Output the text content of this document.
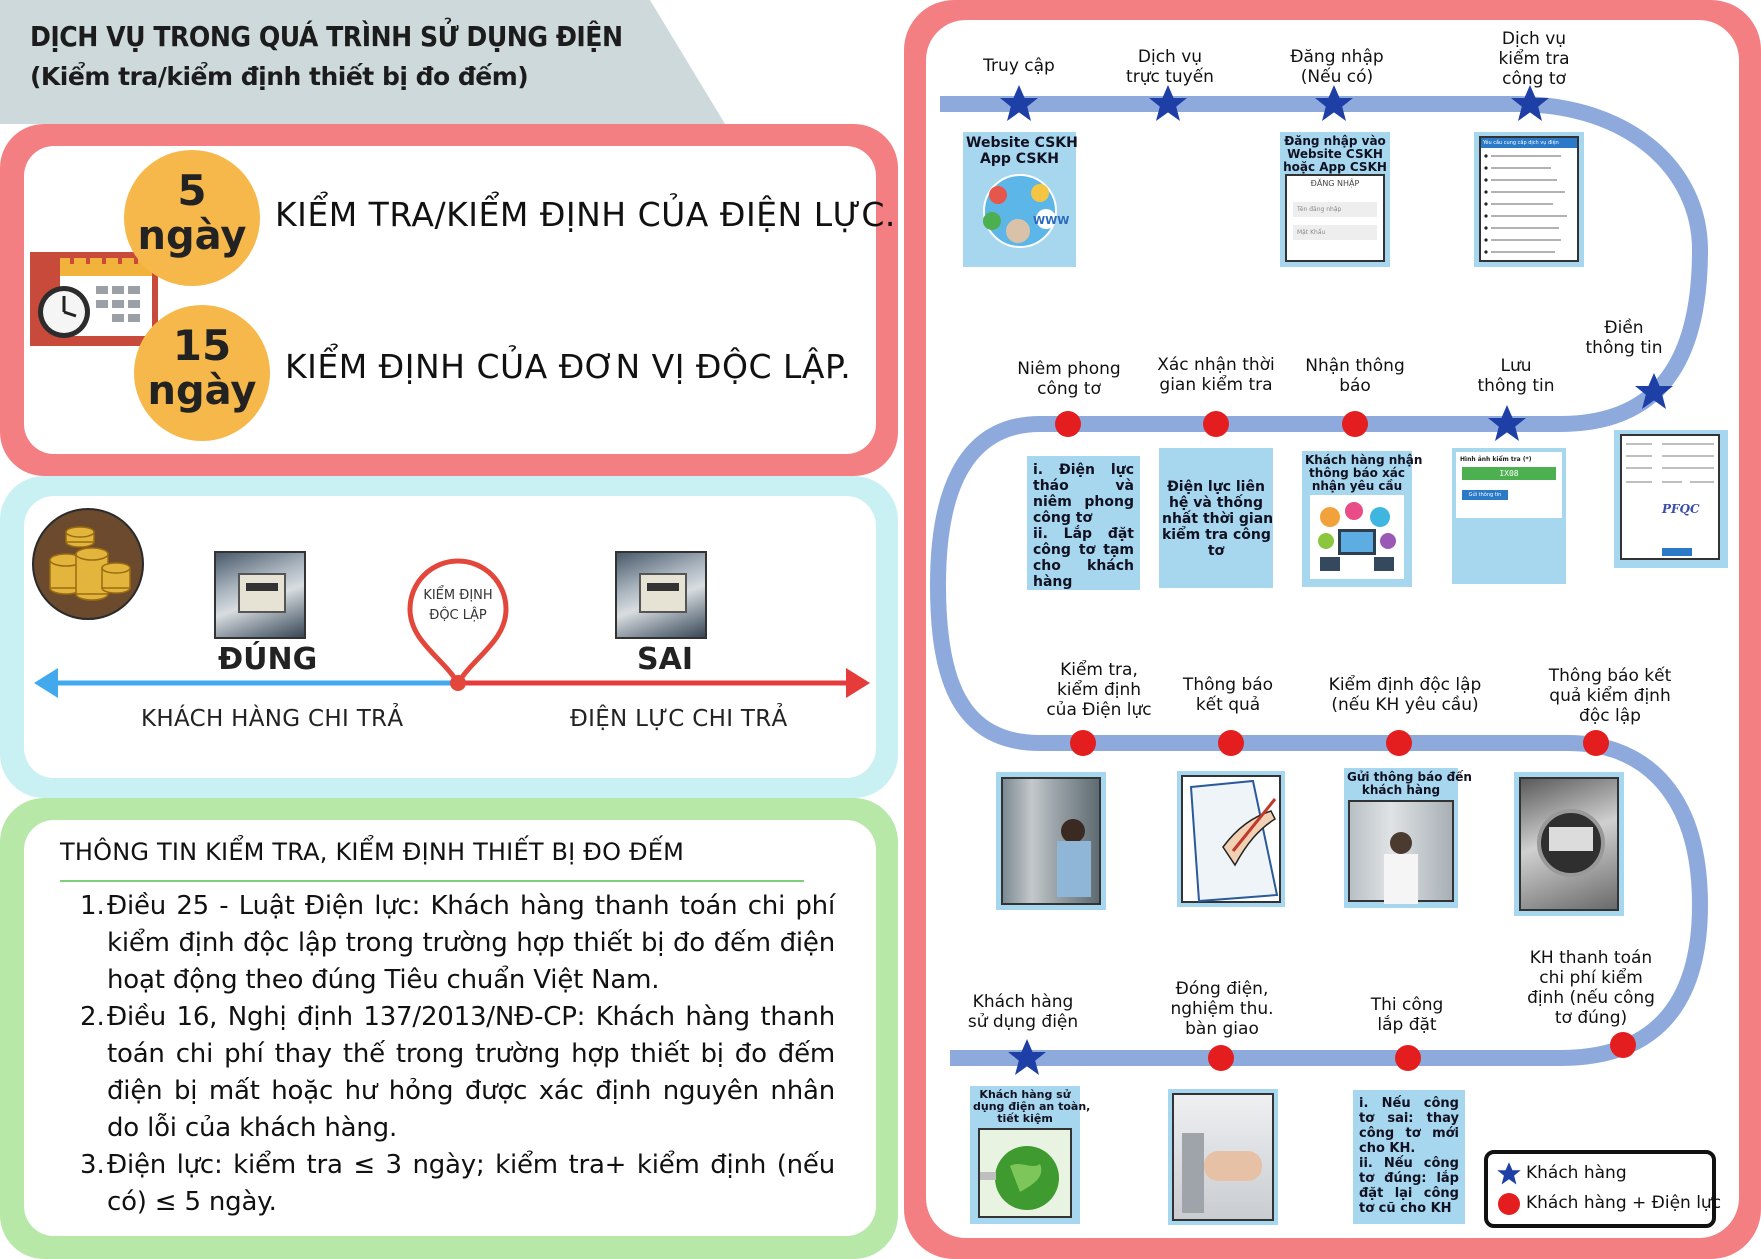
DỊCH VỤ TRONG QUÁ TRÌNH SỬ DỤNG ĐIỆN
(Kiểm tra/kiểm định thiết bị đo đếm)
5
ngày KIỂM TRA/KIỂM ĐỊNH CỦA ĐIỆN LỰC.
15
ngày
KIỂM ĐỊNH CỦA ĐƠN VỊ ĐỘC LẬP.
ĐÚNG	SAI
KIỂM ĐỊNH
ĐỘC LẬP
KHÁCH HÀNG CHI TRẢ	ĐIỆN LỰC CHI TRẢ
THÔNG TIN KIỂM TRA, KIỂM ĐỊNH THIẾT BỊ ĐO ĐẾM
1. Điều 25 - Luật Điện lực: Khách hàng thanh toán chi phí kiểm định độc lập trong trường hợp thiết bị đo đếm điện hoạt động theo đúng Tiêu chuẩn Việt Nam.
2. Điều 16, Nghị định 137/2013/NĐ-CP: Khách hàng thanh toán chi phí thay thế trong trường hợp thiết bị đo đếm điện bị mất hoặc hư hỏng được xác định nguyên nhân do lỗi của khách hàng.
3. Điện lực: kiểm tra ≤ 3 ngày; kiểm tra+ kiểm định (nếu có) ≤ 5 ngày.
Truy cập	Dịch vụ
trực tuyến
Đăng nhập
(Nếu có)
Dịch vụ
kiểm tra
công tơ
Website CSKH
App CSKH
WWW
Đăng nhập vào
Website CSKH
hoặc App CSKH
ĐĂNG NHẬP
Tên đăng nhập
Mật Khẩu
Yêu cầu cung cấp dịch vụ điện
Niêm phong
công tơ
Xác nhận thời
gian kiểm tra
Nhận thông
báo
Lưu
thông tin
Điền
thông tin
i. Điện lực tháo và niêm phong công tơ
ii. Lắp đặt công tơ tạm cho khách hàng
Điện lực liên
hệ và thống
nhất thời gian
kiểm tra công
tơ
Khách hàng nhận
thông báo xác
nhận yêu cầu
Hình ảnh kiểm tra (*)
IX08
Gửi thông tin
PFQC
Kiểm tra,
kiểm định
của Điện lực
Thông báo
kết quả
Kiểm định độc lập
(nếu KH yêu cầu)
Thông báo kết
quả kiểm định
độc lập
Gửi thông báo đến
khách hàng
Khách hàng
sử dụng điện
Đóng điện,
nghiệm thu.
bàn giao
Thi công
lắp đặt
KH thanh toán
chi phí kiểm
định (nếu công
tơ đúng)
Khách hàng sử
dụng điện an toàn,
tiết kiệm
i. Nếu công tơ sai: thay công tơ mới cho KH.
ii. Nếu công tơ đúng: lắp đặt lại công tơ cũ cho KH
Khách hàng
Khách hàng + Điện lực
